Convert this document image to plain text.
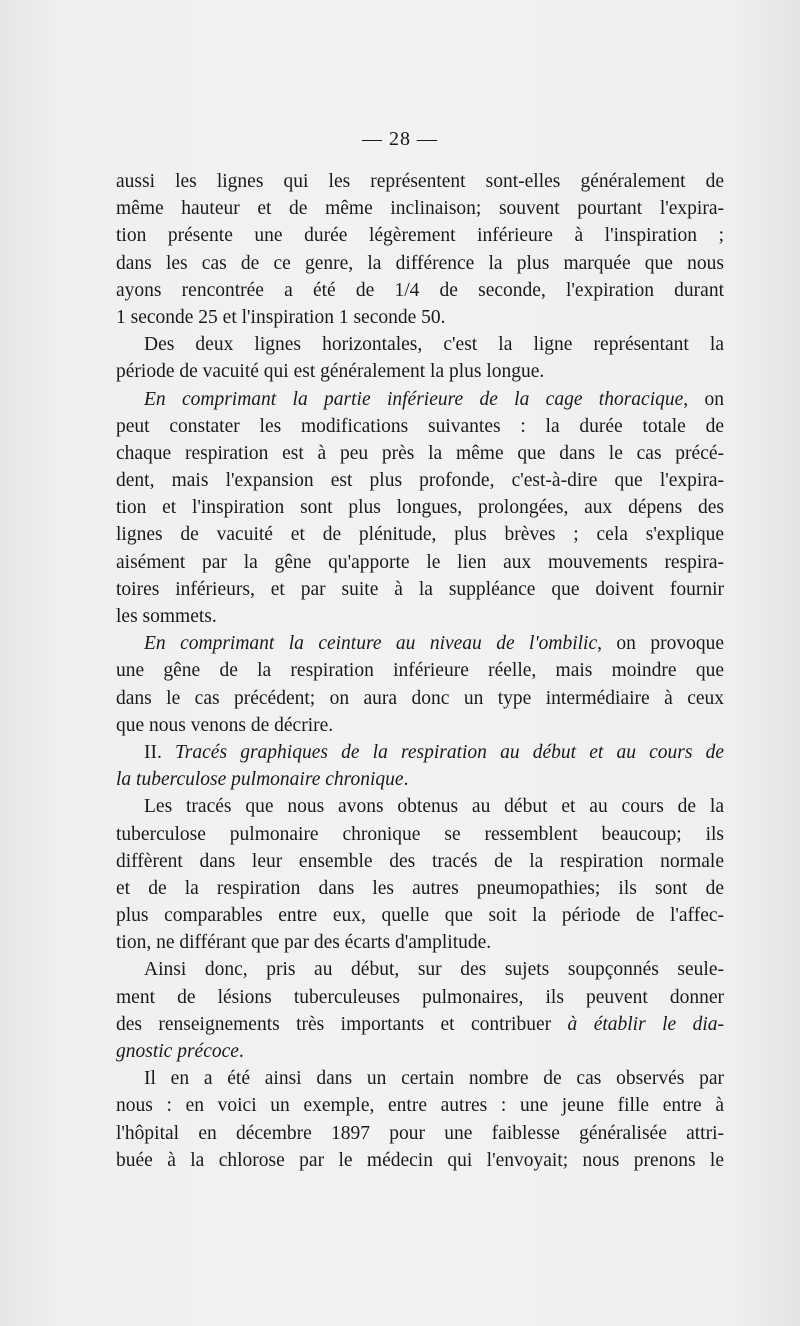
— 28 —
aussi les lignes qui les représentent sont-elles généralement de
même hauteur et de même inclinaison; souvent pourtant l'expira-
tion présente une durée légèrement inférieure à l'inspiration ;
dans les cas de ce genre, la différence la plus marquée que nous
ayons rencontrée a été de 1/4 de seconde, l'expiration durant
1 seconde 25 et l'inspiration 1 seconde 50.
Des deux lignes horizontales, c'est la ligne représentant la
période de vacuité qui est généralement la plus longue.
En comprimant la partie inférieure de la cage thoracique, on
peut constater les modifications suivantes : la durée totale de
chaque respiration est à peu près la même que dans le cas précé-
dent, mais l'expansion est plus profonde, c'est-à-dire que l'expira-
tion et l'inspiration sont plus longues, prolongées, aux dépens des
lignes de vacuité et de plénitude, plus brèves ; cela s'explique
aisément par la gêne qu'apporte le lien aux mouvements respira-
toires inférieurs, et par suite à la suppléance que doivent fournir
les sommets.
En comprimant la ceinture au niveau de l'ombilic, on provoque
une gêne de la respiration inférieure réelle, mais moindre que
dans le cas précédent; on aura donc un type intermédiaire à ceux
que nous venons de décrire.
II. Tracés graphiques de la respiration au début et au cours de
la tuberculose pulmonaire chronique.
Les tracés que nous avons obtenus au début et au cours de la
tuberculose pulmonaire chronique se ressemblent beaucoup; ils
diffèrent dans leur ensemble des tracés de la respiration normale
et de la respiration dans les autres pneumopathies; ils sont de
plus comparables entre eux, quelle que soit la période de l'affec-
tion, ne différant que par des écarts d'amplitude.
Ainsi donc, pris au début, sur des sujets soupçonnés seule-
ment de lésions tuberculeuses pulmonaires, ils peuvent donner
des renseignements très importants et contribuer à établir le dia-
gnostic précoce.
Il en a été ainsi dans un certain nombre de cas observés par
nous : en voici un exemple, entre autres : une jeune fille entre à
l'hôpital en décembre 1897 pour une faiblesse généralisée attri-
buée à la chlorose par le médecin qui l'envoyait; nous prenons le
